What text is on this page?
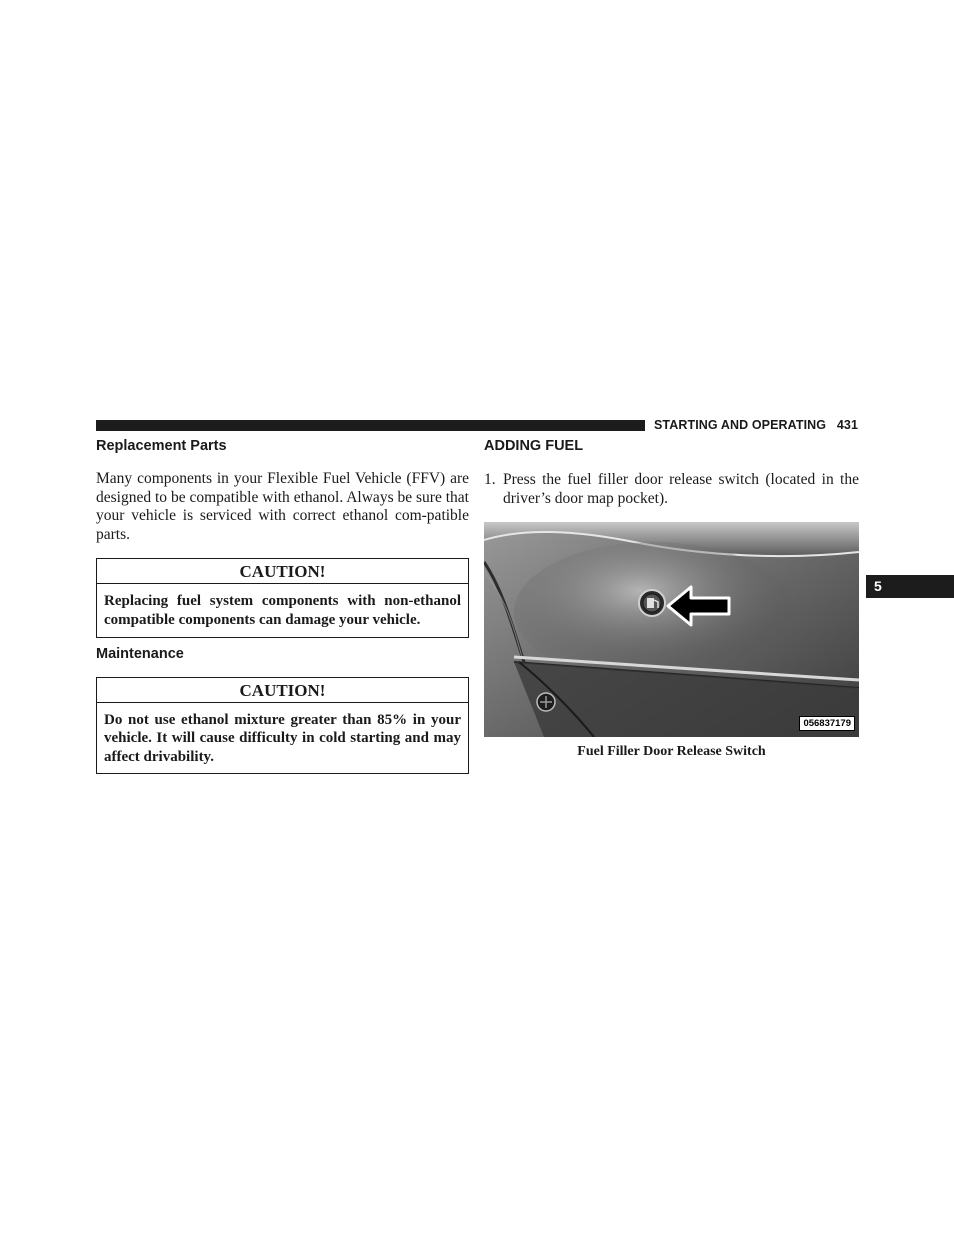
STARTING AND OPERATING 431
5
Replacement Parts

Many components in your Flexible Fuel Vehicle (FFV) are designed to be compatible with ethanol. Always be sure that your vehicle is serviced with correct ethanol com-patible parts.

CAUTION!
Replacing fuel system components with non-ethanol compatible components can damage your vehicle.
Maintenance
CAUTION!
Do not use ethanol mixture greater than 85% in your vehicle. It will cause difficulty in cold starting and may affect drivability.
ADDING FUEL
1. Press the fuel filler door release switch (located in the driver’s door map pocket).
056837179
Fuel Filler Door Release Switch
